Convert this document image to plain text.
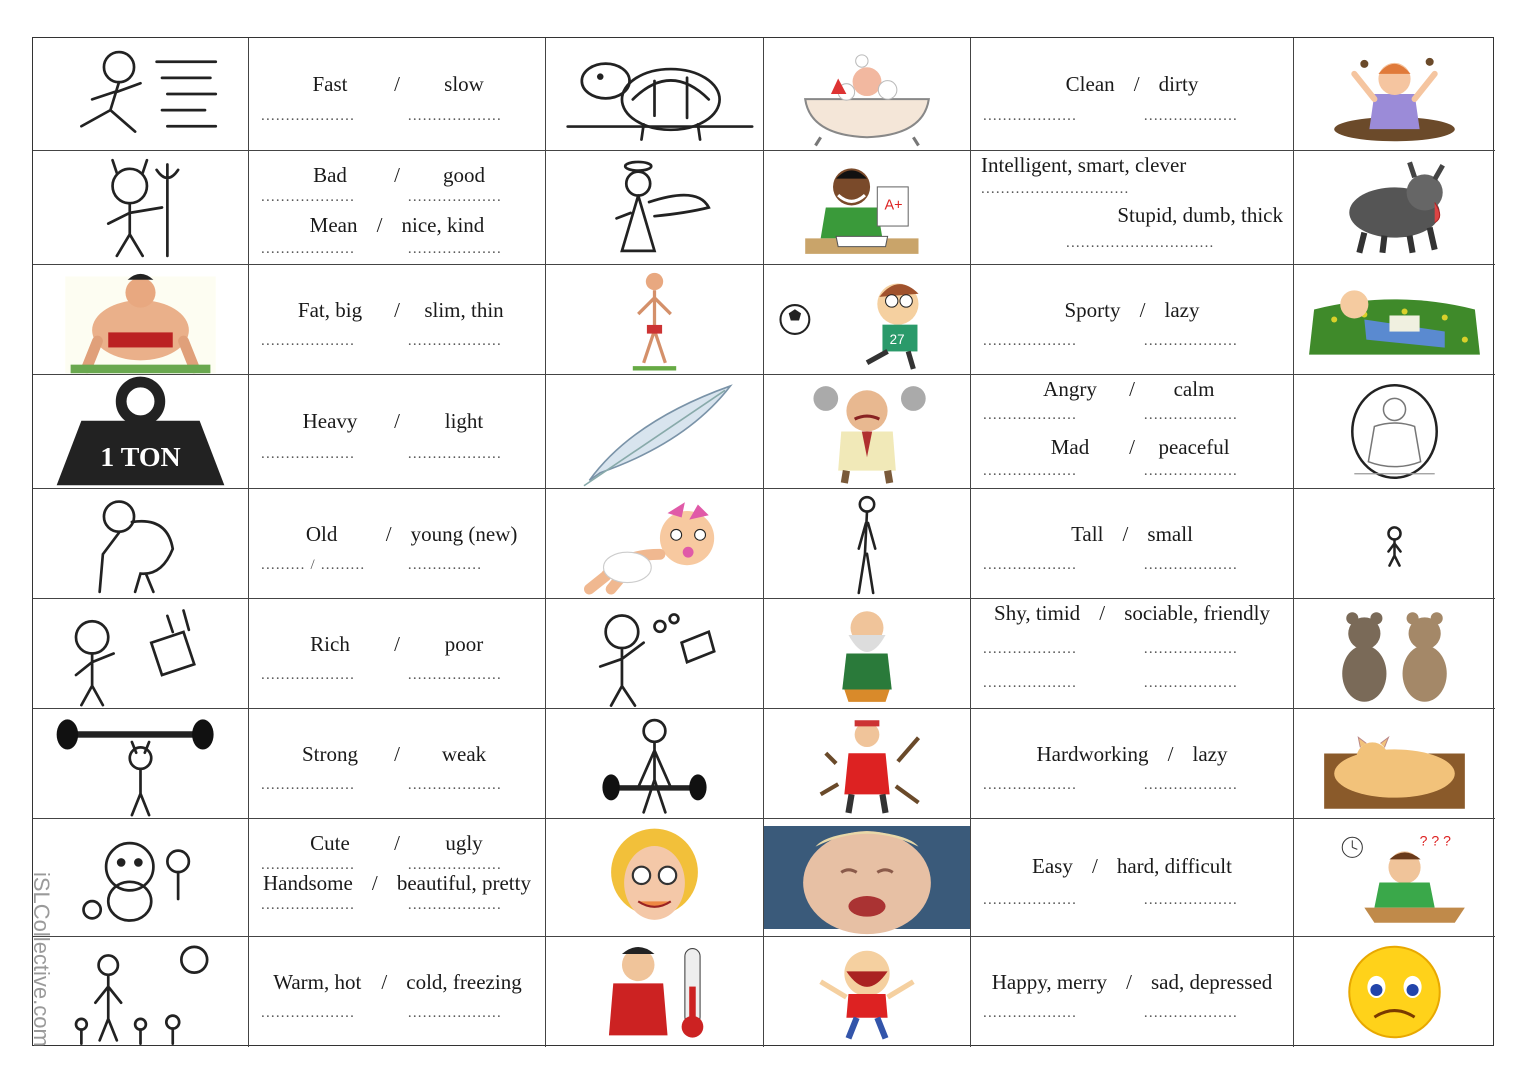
Fast	/	slow
...................	...................
Clean / dirty
...................	...................
Bad	/	good
...................	...................
Mean / nice, kind
...................	...................
A+
Intelligent, smart, clever
..............................
Stupid, dumb, thick
..............................
Fat, big	/	slim, thin
...................	...................	27
Sporty / lazy
...................	...................
1 TON
Heavy	/	light
...................	...................
Angry	/	calm
...................	...................
Mad	/	peaceful
...................	...................
Old	/ young (new)
......... / .........	...............
Tall / small
...................	...................
Rich	/	poor
...................	...................
Shy, timid / sociable, friendly
...................	...................
...................	...................
Strong	/	weak
...................	...................
Hardworking / lazy
...................	...................
Cute	/	ugly
...................	...................
Handsome / beautiful, pretty
...................	...................
Easy / hard, difficult
...................	...................
? ? ?
Warm, hot / cold, freezing
...................	...................
Happy, merry / sad, depressed
...................	...................
iSLCollective.com
